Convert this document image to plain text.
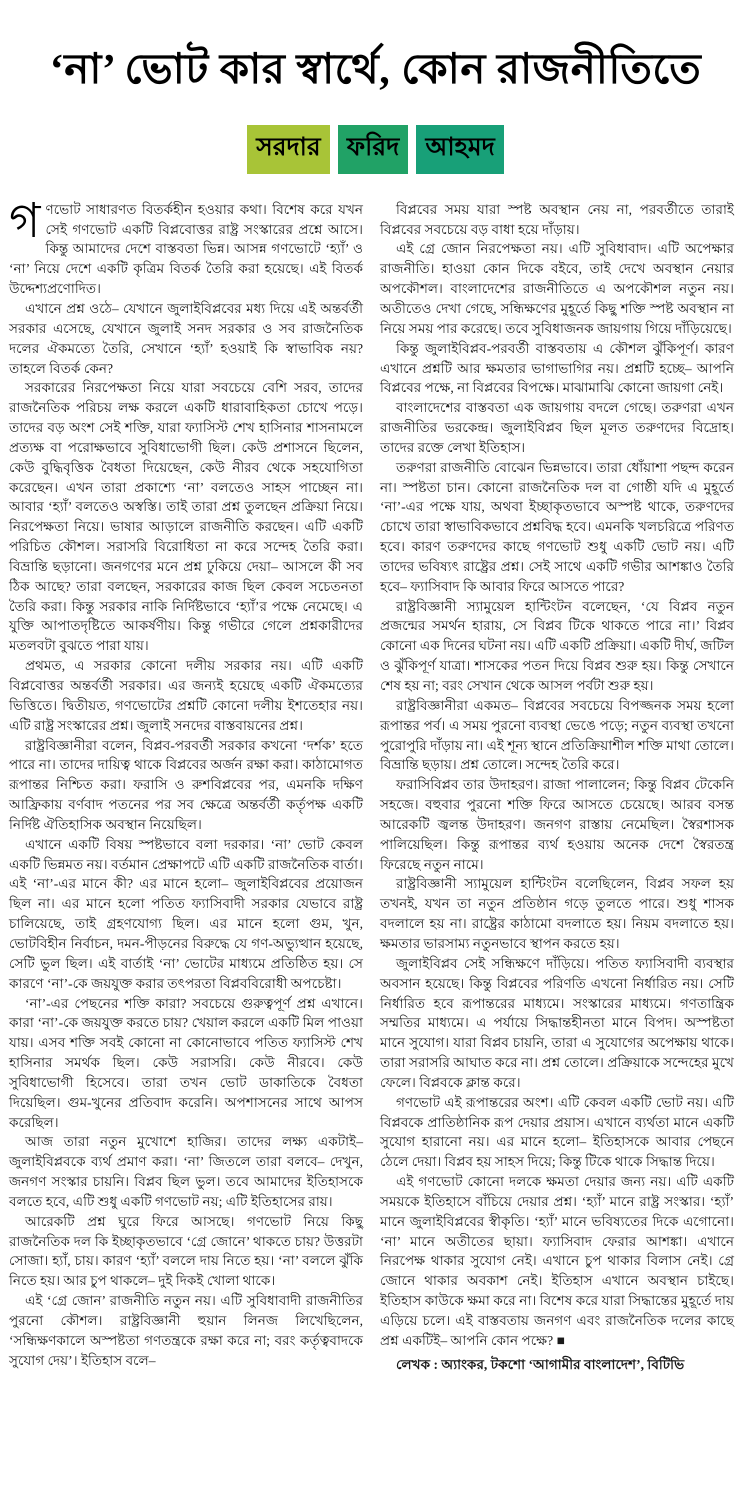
‘না’ ভোট কার স্বার্থে, কোন রাজনীতিতে
সরদার ফরিদ আহমদ

গণভোট সাধারণত বিতর্কহীন হওয়ার কথা। বিশেষ করে যখন সেই গণভোট একটি বিপ্লবোত্তর রাষ্ট্র সংস্কারের প্রশ্নে আসে। কিন্তু আমাদের দেশে বাস্তবতা ভিন্ন। আসন্ন গণভোটে ‘হ্যাঁ’ ও ‘না’ নিয়ে দেশে একটি কৃত্রিম বিতর্ক তৈরি করা হয়েছে। এই বিতর্ক উদ্দেশ্যপ্রণোদিত।

এখানে প্রশ্ন ওঠে– যেখানে জুলাইবিপ্লবের মধ্য দিয়ে এই অন্তর্বর্তী সরকার এসেছে, যেখানে জুলাই সনদ সরকার ও সব রাজনৈতিক দলের ঐকমত্যে তৈরি, সেখানে ‘হ্যাঁ’ হওয়াই কি স্বাভাবিক নয়? তাহলে বিতর্ক কেন?

সরকারের নিরপেক্ষতা নিয়ে যারা সবচেয়ে বেশি সরব, তাদের রাজনৈতিক পরিচয় লক্ষ করলে একটি ধারাবাহিকতা চোখে পড়ে। তাদের বড় অংশ সেই শক্তি, যারা ফ্যাসিস্ট শেখ হাসিনার শাসনামলে প্রত্যক্ষ বা পরোক্ষভাবে সুবিধাভোগী ছিল। কেউ প্রশাসনে ছিলেন, কেউ বুদ্ধিবৃত্তিক বৈধতা দিয়েছেন, কেউ নীরব থেকে সহযোগিতা করেছেন। এখন তারা প্রকাশ্যে ‘না’ বলতেও সাহস পাচ্ছেন না। আবার ‘হ্যাঁ’ বলতেও অস্বস্তি। তাই তারা প্রশ্ন তুলছেন প্রক্রিয়া নিয়ে। নিরপেক্ষতা নিয়ে। ভাষার আড়ালে রাজনীতি করছেন। এটি একটি পরিচিত কৌশল। সরাসরি বিরোধিতা না করে সন্দেহ তৈরি করা। বিভ্রান্তি ছড়ানো। জনগণের মনে প্রশ্ন ঢুকিয়ে দেয়া– আসলে কী সব ঠিক আছে? তারা বলছেন, সরকারের কাজ ছিল কেবল সচেতনতা তৈরি করা। কিন্তু সরকার নাকি নির্দিষ্টভাবে ‘হ্যাঁ’র পক্ষে নেমেছে। এ যুক্তি আপাতদৃষ্টিতে আকর্ষণীয়। কিন্তু গভীরে গেলে প্রশ্নকারীদের মতলবটা বুঝতে পারা যায়।

প্রথমত, এ সরকার কোনো দলীয় সরকার নয়। এটি একটি বিপ্লবোত্তর অন্তর্বর্তী সরকার। এর জন্যই হয়েছে একটি ঐকমত্যের ভিত্তিতে। দ্বিতীয়ত, গণভোটের প্রশ্নটি কোনো দলীয় ইশতেহার নয়। এটি রাষ্ট্র সংস্কারের প্রশ্ন। জুলাই সনদের বাস্তবায়নের প্রশ্ন।

রাষ্ট্রবিজ্ঞানীরা বলেন, বিপ্লব-পরবর্তী সরকার কখনো ‘দর্শক’ হতে পারে না। তাদের দায়িত্ব থাকে বিপ্লবের অর্জন রক্ষা করা। কাঠামোগত রূপান্তর নিশ্চিত করা। ফরাসি ও রুশবিপ্লবের পর, এমনকি দক্ষিণ আফ্রিকায় বর্ণবাদ পতনের পর সব ক্ষেত্রে অন্তর্বর্তী কর্তৃপক্ষ একটি নির্দিষ্ট ঐতিহাসিক অবস্থান নিয়েছিল।

এখানে একটি বিষয় স্পষ্টভাবে বলা দরকার। ‘না’ ভোট কেবল একটি ভিন্নমত নয়। বর্তমান প্রেক্ষাপটে এটি একটি রাজনৈতিক বার্তা। এই ‘না’-এর মানে কী? এর মানে হলো– জুলাইবিপ্লবের প্রয়োজন ছিল না। এর মানে হলো পতিত ফ্যাসিবাদী সরকার যেভাবে রাষ্ট্র চালিয়েছে, তাই গ্রহণযোগ্য ছিল। এর মানে হলো গুম, খুন, ভোটবিহীন নির্বাচন, দমন-পীড়নের বিরুদ্ধে যে গণ-অভ্যুত্থান হয়েছে, সেটি ভুল ছিল। এই বার্তাই ‘না’ ভোটের মাধ্যমে প্রতিষ্ঠিত হয়। সে কারণে ‘না’-কে জয়যুক্ত করার তৎপরতা বিপ্লববিরোধী অপচেষ্টা।

‘না’-এর পেছনের শক্তি কারা? সবচেয়ে গুরুত্বপূর্ণ প্রশ্ন এখানে। কারা ‘না’-কে জয়যুক্ত করতে চায়? খেয়াল করলে একটি মিল পাওয়া যায়। এসব শক্তি সবই কোনো না কোনোভাবে পতিত ফ্যাসিস্ট শেখ হাসিনার সমর্থক ছিল। কেউ সরাসরি। কেউ নীরবে। কেউ সুবিধাভোগী হিসেবে। তারা তখন ভোট ডাকাতিকে বৈধতা দিয়েছিল। গুম-খুনের প্রতিবাদ করেনি। অপশাসনের সাথে আপস করেছিল।

আজ তারা নতুন মুখোশে হাজির। তাদের লক্ষ্য একটাই– জুলাইবিপ্লবকে ব্যর্থ প্রমাণ করা। ‘না’ জিতলে তারা বলবে– দেখুন, জনগণ সংস্কার চায়নি। বিপ্লব ছিল ভুল। তবে আমাদের ইতিহাসকে বলতে হবে, এটি শুধু একটি গণভোট নয়; এটি ইতিহাসের রায়।

আরেকটি প্রশ্ন ঘুরে ফিরে আসছে। গণভোট নিয়ে কিছু রাজনৈতিক দল কি ইচ্ছাকৃতভাবে ‘গ্রে জোনে’ থাকতে চায়? উত্তরটা সোজা। হ্যাঁ, চায়। কারণ ‘হ্যাঁ’ বললে দায় নিতে হয়। ‘না’ বললে ঝুঁকি নিতে হয়। আর চুপ থাকলে– দুই দিকই খোলা থাকে।

এই ‘গ্রে জোন’ রাজনীতি নতুন নয়। এটি সুবিধাবাদী রাজনীতির পুরনো কৌশল। রাষ্ট্রবিজ্ঞানী হুয়ান লিনজ লিখেছিলেন, ‘সন্ধিক্ষণকালে অস্পষ্টতা গণতন্ত্রকে রক্ষা করে না; বরং কর্তৃত্ববাদকে সুযোগ দেয়’। ইতিহাস বলে–

বিপ্লবের সময় যারা স্পষ্ট অবস্থান নেয় না, পরবর্তীতে তারাই বিপ্লবের সবচেয়ে বড় বাধা হয়ে দাঁড়ায়।

এই গ্রে জোন নিরপেক্ষতা নয়। এটি সুবিধাবাদ। এটি অপেক্ষার রাজনীতি। হাওয়া কোন দিকে বইবে, তাই দেখে অবস্থান নেয়ার অপকৌশল। বাংলাদেশের রাজনীতিতে এ অপকৌশল নতুন নয়। অতীতেও দেখা গেছে, সন্ধিক্ষণের মুহূর্তে কিছু শক্তি স্পষ্ট অবস্থান না নিয়ে সময় পার করেছে। তবে সুবিধাজনক জায়গায় গিয়ে দাঁড়িয়েছে।

কিন্তু জুলাইবিপ্লব-পরবর্তী বাস্তবতায় এ কৌশল ঝুঁকিপূর্ণ। কারণ এখানে প্রশ্নটি আর ক্ষমতার ভাগাভাগির নয়। প্রশ্নটি হচ্ছে– আপনি বিপ্লবের পক্ষে, না বিপ্লবের বিপক্ষে। মাঝামাঝি কোনো জায়গা নেই।

বাংলাদেশের বাস্তবতা এক জায়গায় বদলে গেছে। তরুণরা এখন রাজনীতির ভরকেন্দ্র। জুলাইবিপ্লব ছিল মূলত তরুণদের বিদ্রোহ। তাদের রক্তে লেখা ইতিহাস।

তরুণরা রাজনীতি বোঝেন ভিন্নভাবে। তারা ধোঁয়াশা পছন্দ করেন না। স্পষ্টতা চান। কোনো রাজনৈতিক দল বা গোষ্ঠী যদি এ মুহূর্তে ‘না’-এর পক্ষে যায়, অথবা ইচ্ছাকৃতভাবে অস্পষ্ট থাকে, তরুণদের চোখে তারা স্বাভাবিকভাবে প্রশ্নবিদ্ধ হবে। এমনকি খলচরিত্রে পরিণত হবে। কারণ তরুণদের কাছে গণভোট শুধু একটি ভোট নয়। এটি তাদের ভবিষ্যৎ রাষ্ট্রের প্রশ্ন। সেই সাথে একটি গভীর আশঙ্কাও তৈরি হবে– ফ্যাসিবাদ কি আবার ফিরে আসতে পারে?

রাষ্ট্রবিজ্ঞানী স্যামুয়েল হান্টিংটন বলেছেন, ‘যে বিপ্লব নতুন প্রজন্মের সমর্থন হারায়, সে বিপ্লব টিকে থাকতে পারে না।’ বিপ্লব কোনো এক দিনের ঘটনা নয়। এটি একটি প্রক্রিয়া। একটি দীর্ঘ, জটিল ও ঝুঁকিপূর্ণ যাত্রা। শাসকের পতন দিয়ে বিপ্লব শুরু হয়। কিন্তু সেখানে শেষ হয় না; বরং সেখান থেকে আসল পর্বটা শুরু হয়।

রাষ্ট্রবিজ্ঞানীরা একমত– বিপ্লবের সবচেয়ে বিপজ্জনক সময় হলো রূপান্তর পর্ব। এ সময় পুরনো ব্যবস্থা ভেঙে পড়ে; নতুন ব্যবস্থা তখনো পুরোপুরি দাঁড়ায় না। এই শূন্য স্থানে প্রতিক্রিয়াশীল শক্তি মাথা তোলে। বিভ্রান্তি ছড়ায়। প্রশ্ন তোলে। সন্দেহ তৈরি করে।

ফরাসিবিপ্লব তার উদাহরণ। রাজা পালালেন; কিন্তু বিপ্লব টেকেনি সহজে। বহুবার পুরনো শক্তি ফিরে আসতে চেয়েছে। আরব বসন্ত আরেকটি জ্বলন্ত উদাহরণ। জনগণ রাস্তায় নেমেছিল। স্বৈরশাসক পালিয়েছিল। কিন্তু রূপান্তর ব্যর্থ হওয়ায় অনেক দেশে স্বৈরতন্ত্র ফিরেছে নতুন নামে।

রাষ্ট্রবিজ্ঞানী স্যামুয়েল হান্টিংটন বলেছিলেন, বিপ্লব সফল হয় তখনই, যখন তা নতুন প্রতিষ্ঠান গড়ে তুলতে পারে। শুধু শাসক বদলালে হয় না। রাষ্ট্রের কাঠামো বদলাতে হয়। নিয়ম বদলাতে হয়। ক্ষমতার ভারসাম্য নতুনভাবে স্থাপন করতে হয়।

জুলাইবিপ্লব সেই সন্ধিক্ষণে দাঁড়িয়ে। পতিত ফ্যাসিবাদী ব্যবস্থার অবসান হয়েছে। কিন্তু বিপ্লবের পরিণতি এখনো নির্ধারিত নয়। সেটি নির্ধারিত হবে রূপান্তরের মাধ্যমে। সংস্কারের মাধ্যমে। গণতান্ত্রিক সম্মতির মাধ্যমে। এ পর্যায়ে সিদ্ধান্তহীনতা মানে বিপদ। অস্পষ্টতা মানে সুযোগ। যারা বিপ্লব চায়নি, তারা এ সুযোগের অপেক্ষায় থাকে। তারা সরাসরি আঘাত করে না। প্রশ্ন তোলে। প্রক্রিয়াকে সন্দেহের মুখে ফেলে। বিপ্লবকে ক্লান্ত করে।

গণভোট এই রূপান্তরের অংশ। এটি কেবল একটি ভোট নয়। এটি বিপ্লবকে প্রাতিষ্ঠানিক রূপ দেয়ার প্রয়াস। এখানে ব্যর্থতা মানে একটি সুযোগ হারানো নয়। এর মানে হলো– ইতিহাসকে আবার পেছনে ঠেলে দেয়া। বিপ্লব হয় সাহস দিয়ে; কিন্তু টিকে থাকে সিদ্ধান্ত দিয়ে।

এই গণভোট কোনো দলকে ক্ষমতা দেয়ার জন্য নয়। এটি একটি সময়কে ইতিহাসে বাঁচিয়ে দেয়ার প্রশ্ন। ‘হ্যাঁ’ মানে রাষ্ট্র সংস্কার। ‘হ্যাঁ’ মানে জুলাইবিপ্লবের স্বীকৃতি। ‘হ্যাঁ’ মানে ভবিষ্যতের দিকে এগোনো। ‘না’ মানে অতীতের ছায়া। ফ্যাসিবাদ ফেরার আশঙ্কা। এখানে নিরপেক্ষ থাকার সুযোগ নেই। এখানে চুপ থাকার বিলাস নেই। গ্রে জোনে থাকার অবকাশ নেই। ইতিহাস এখানে অবস্থান চাইছে। ইতিহাস কাউকে ক্ষমা করে না। বিশেষ করে যারা সিদ্ধান্তের মুহূর্তে দায় এড়িয়ে চলে। এই বাস্তবতায় জনগণ এবং রাজনৈতিক দলের কাছে প্রশ্ন একটিই– আপনি কোন পক্ষে? ■

লেখক : অ্যাংকর, টকশো ‘আগামীর বাংলাদেশ’, বিটিভি
